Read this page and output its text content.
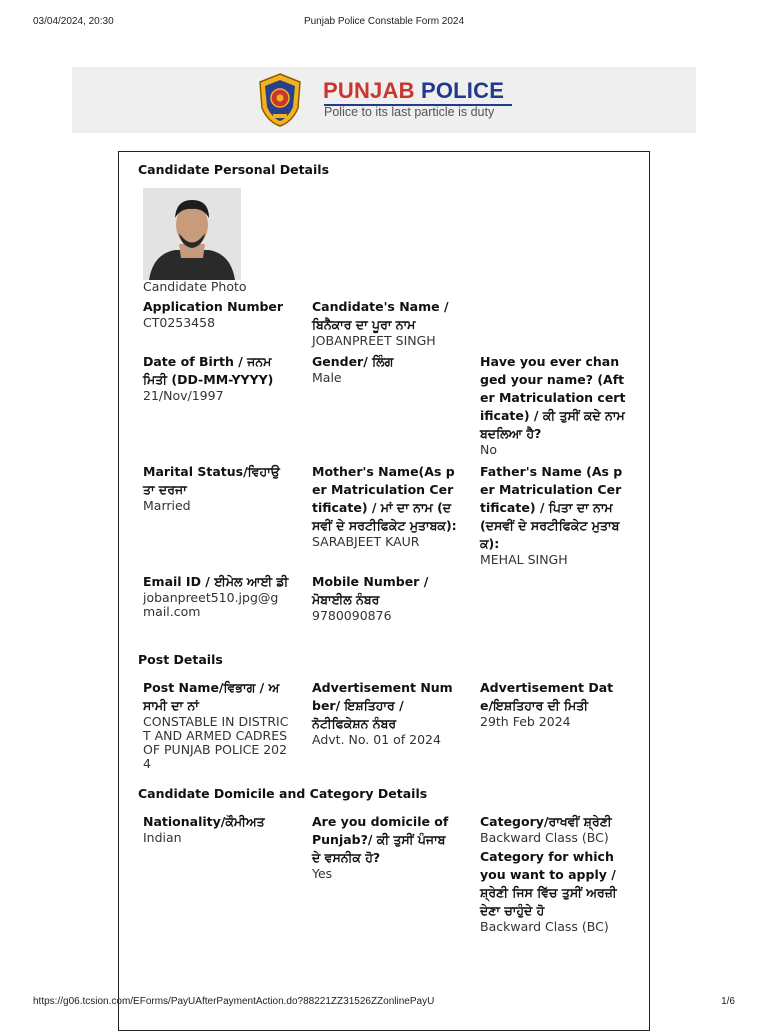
03/04/2024, 20:30	Punjab Police Constable Form 2024
PUNJAB POLICE
Police to its last particle is duty
Candidate Personal Details
Candidate Photo
Application Number
CT0253458
Candidate's Name / ਬਿਨੈਕਾਰ ਦਾ ਪੂਰਾ ਨਾਮ
JOBANPREET SINGH
Date of Birth / ਜਨਮ ਮਿਤੀ (DD-MM-YYYY)
21/Nov/1997
Gender/ ਲਿੰਗ
Male
Have you ever changed your name? (After Matriculation certificate) / ਕੀ ਤੁਸੀਂ ਕਦੇ ਨਾਮ ਬਦਲਿਆ ਹੈ?
No
Marital Status/ਵਿਹਾਉਤਾ ਦਰਜਾ
Married
Mother's Name(As per Matriculation Certificate) / ਮਾਂ ਦਾ ਨਾਮ (ਦਸਵੀਂ ਦੇ ਸਰਟੀਫਿਕੇਟ ਮੁਤਾਬਕ):
SARABJEET KAUR
Father's Name (As per Matriculation Certificate) / ਪਿਤਾ ਦਾ ਨਾਮ (ਦਸਵੀਂ ਦੇ ਸਰਟੀਫਿਕੇਟ ਮੁਤਾਬਕ):
MEHAL SINGH
Email ID / ਈਮੇਲ ਆਈ ਡੀ
jobanpreet510.jpg@gmail.com
Mobile Number / ਮੋਬਾਈਲ ਨੰਬਰ
9780090876
Post Details
Post Name/ਵਿਭਾਗ / ਅਸਾਮੀ ਦਾ ਨਾਂ
CONSTABLE IN DISTRICT AND ARMED CADRES OF PUNJAB POLICE 2024
Advertisement Number/ ਇਸ਼ਤਿਹਾਰ / ਨੋਟੀਫਿਕੇਸ਼ਨ ਨੰਬਰ
Advt. No. 01 of 2024
Advertisement Date/ਇਸ਼ਤਿਹਾਰ ਦੀ ਮਿਤੀ
29th Feb 2024
Candidate Domicile and Category Details
Nationality/ਕੌਮੀਅਤ
Indian
Are you domicile of Punjab?/ ਕੀ ਤੁਸੀਂ ਪੰਜਾਬ ਦੇ ਵਸਨੀਕ ਹੋ?
Yes
Category/ਰਾਖਵੀਂ ਸ਼੍ਰੇਣੀ
Backward Class (BC)
Category for which you want to apply / ਸ਼੍ਰੇਣੀ ਜਿਸ ਵਿੱਚ ਤੁਸੀਂ ਅਰਜ਼ੀ ਦੇਣਾ ਚਾਹੁੰਦੇ ਹੋ
Backward Class (BC)
https://g06.tcsion.com/EForms/PayUAfterPaymentAction.do?88221ZZ31526ZZonlinePayU	1/6
